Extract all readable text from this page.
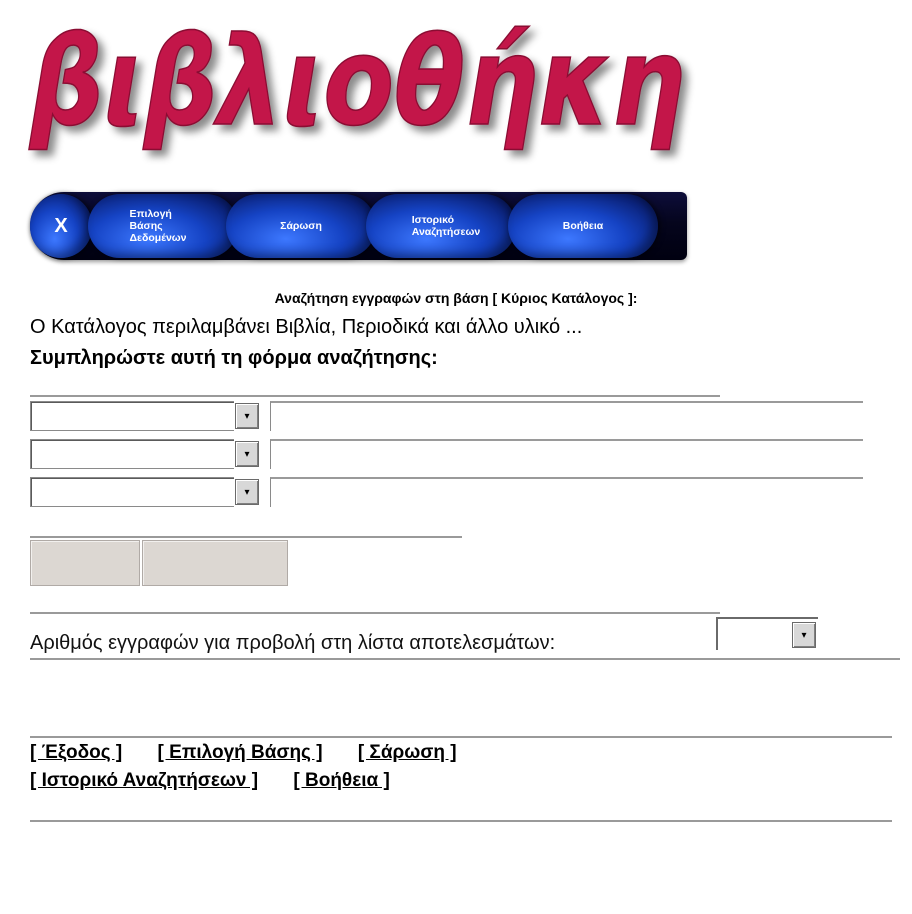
βιβλιοθήκη
X
Επιλογή
Βάσης
Δεδομένων
Σάρωση	Ιστορικό
Αναζητήσεων	Βοήθεια
Αναζήτηση εγγραφών στη βάση [ Κύριος Κατάλογος ]:
Ο Κατάλογος περιλαμβάνει Βιβλία, Περιοδικά και άλλο υλικό ...
Συμπληρώστε αυτή τη φόρμα αναζήτησης:
▾
▾
▾
Αριθμός εγγραφών για προβολή στη λίστα αποτελεσμάτων:	▾
[ Έξοδος ] [ Επιλογή Βάσης ] [ Σάρωση ]
[ Ιστορικό Αναζητήσεων ] [ Βοήθεια ]
